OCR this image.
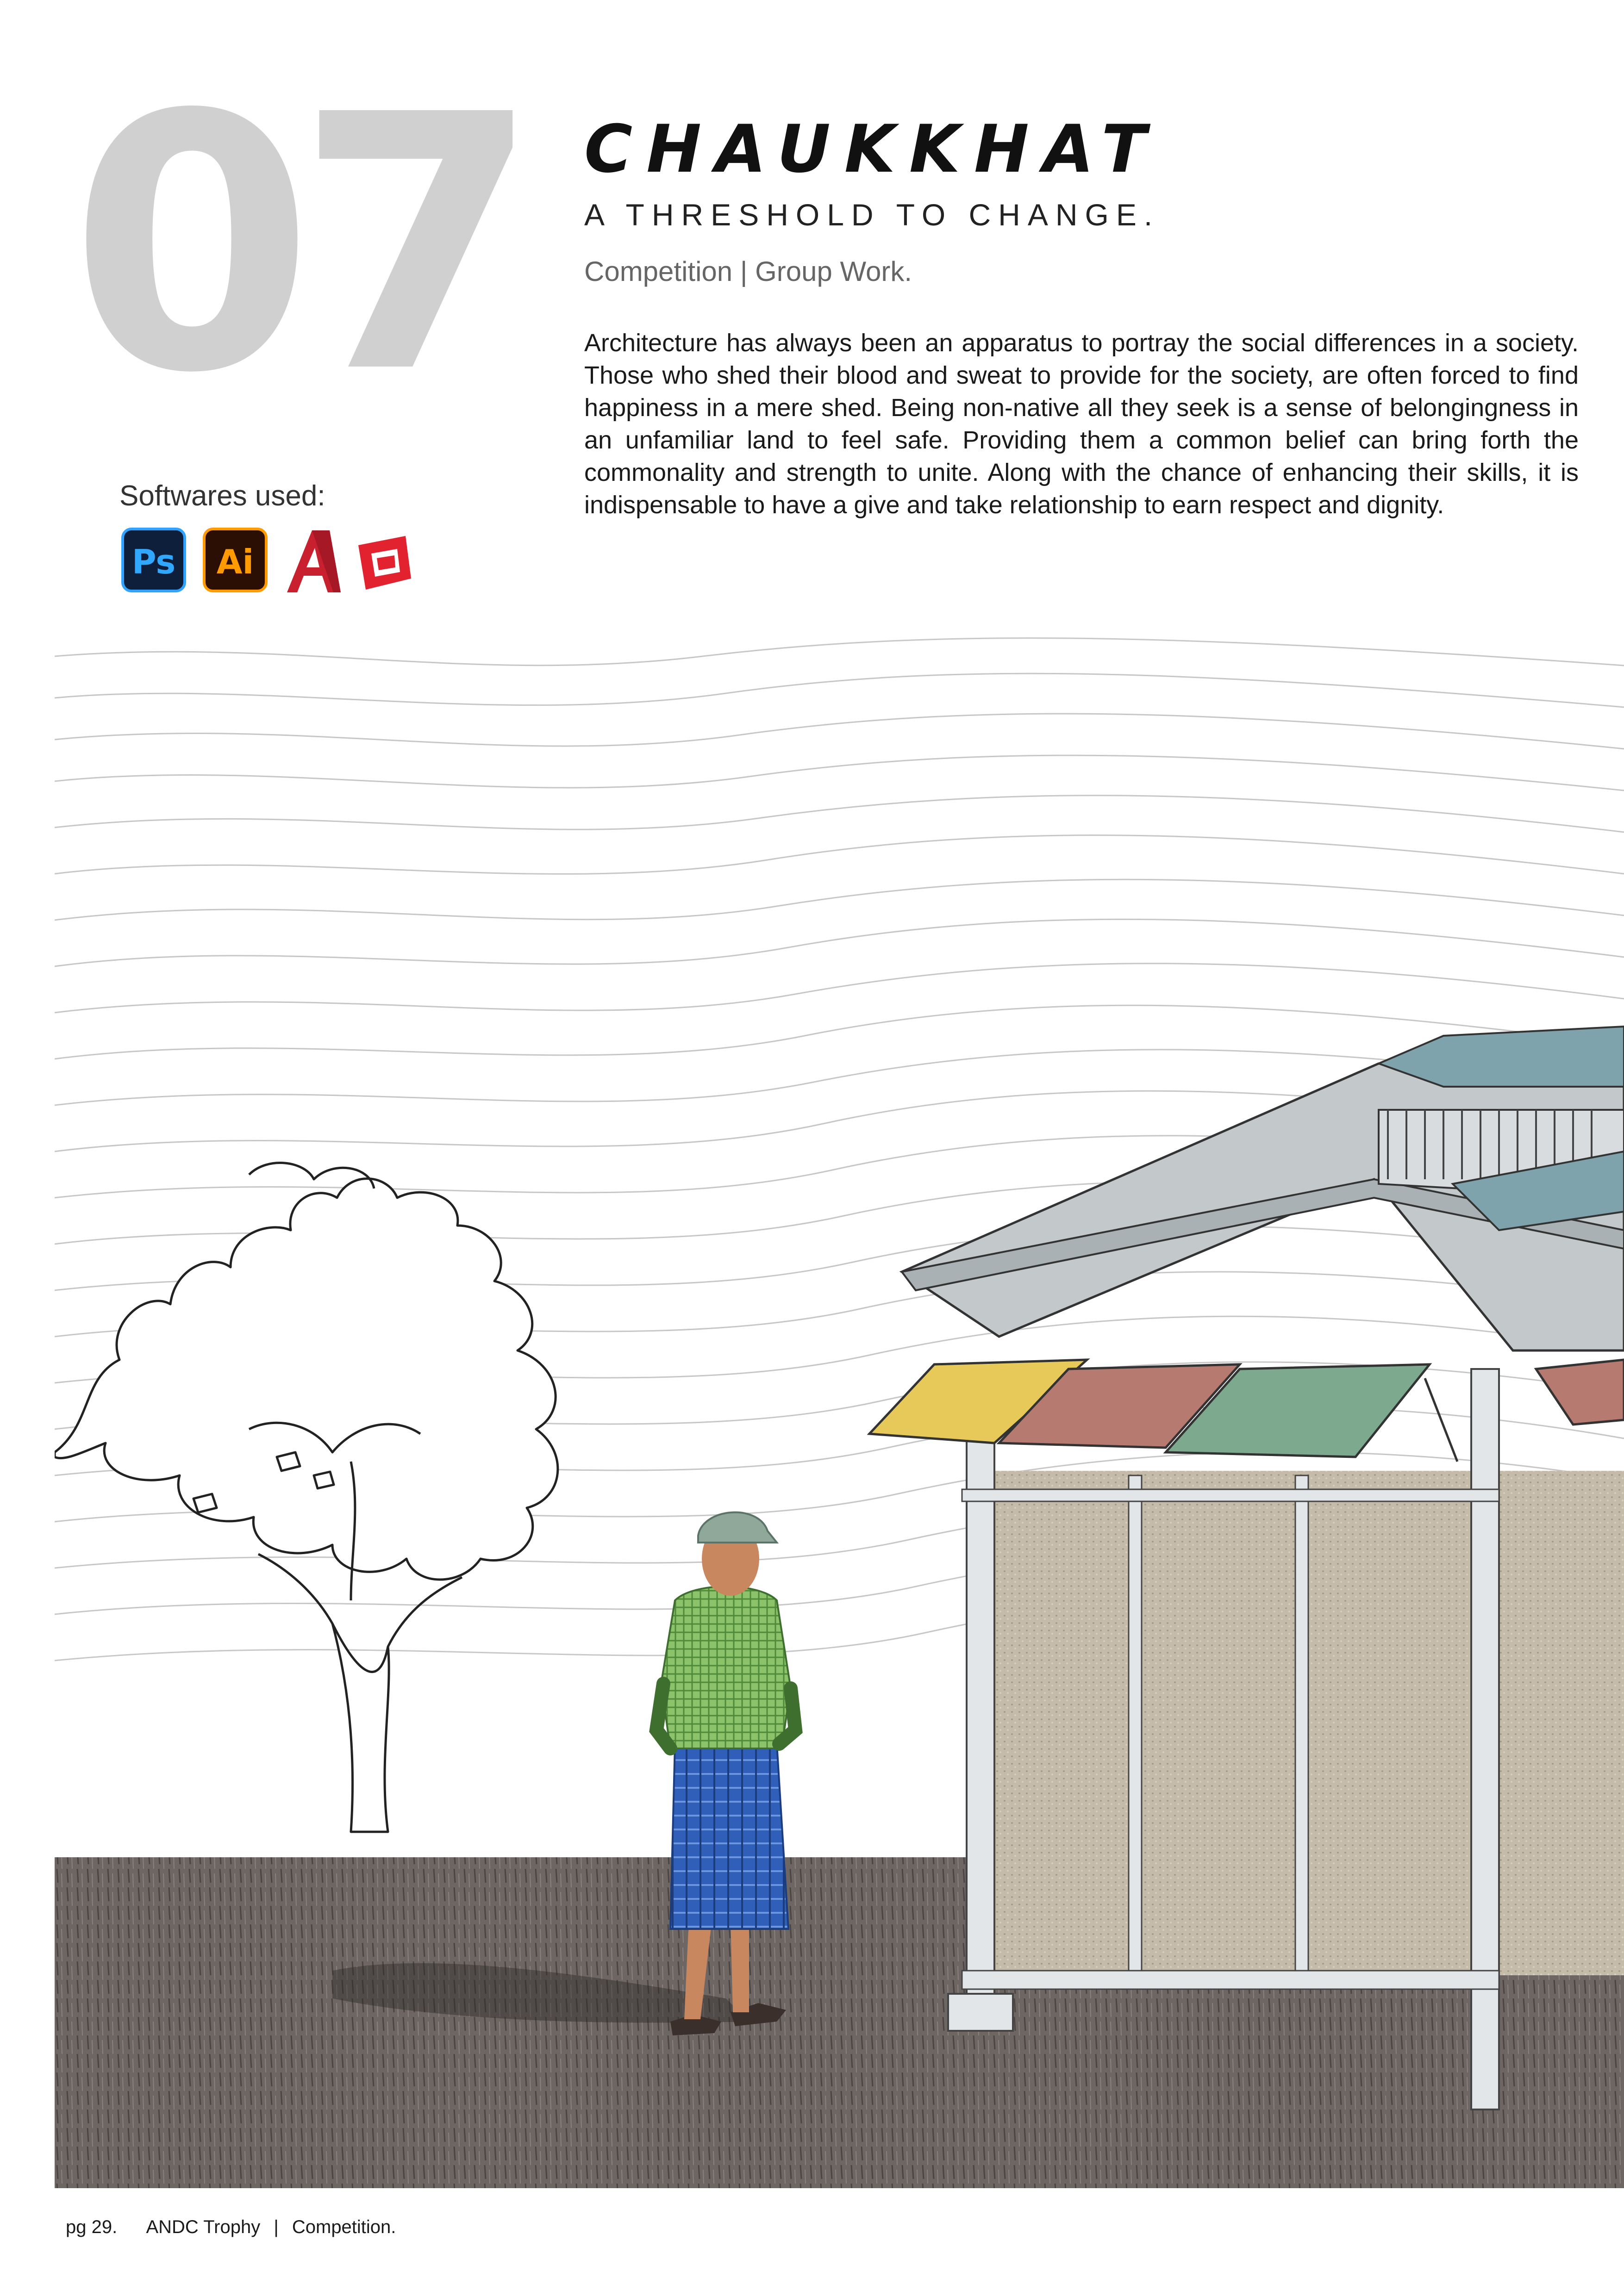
07 CHAUKKHAT
A THRESHOLD TO CHANGE.
Competition | Group Work.
Architecture has always been an apparatus to portray the social differences in a society. Those who shed their blood and sweat to provide for the society, are often forced to find happiness in a mere shed. Being non-native all they seek is a sense of belongingness in an unfamiliar land to feel safe. Providing them a common belief can bring forth the commonality and strength to unite. Along with the chance of enhancing their skills, it is indispensable to have a give and take relationship to earn respect and dignity.
Softwares used:
Ps	Ai
pg 29. ANDC Trophy | Competition.
